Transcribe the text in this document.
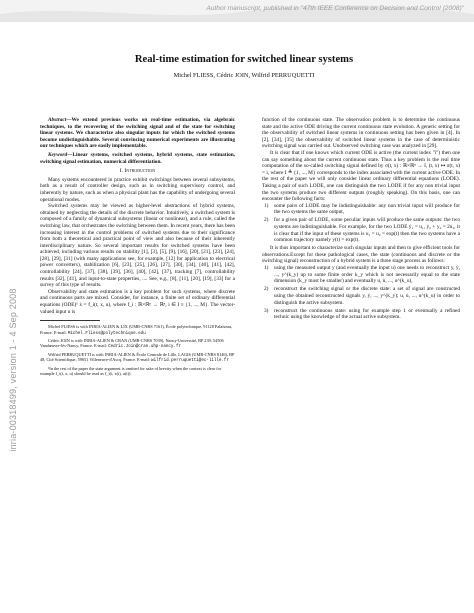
Author manuscript, published in "47th IEEE Conference on Decision and Control (2008)"
inria-00318499, version 1 - 4 Sep 2008
Real-time estimation for switched linear systems
Michel FLIESS, Cédric JOIN, Wilfrid PERRUQUETTI

Abstract—We extend previous works on real-time estimation, via algebraic techniques, to the recovering of the switching signal and of the state for switching linear systems. We characterize also singular inputs for which the switched systems become undistinguishable. Several convincing numerical experiments are illustrating our techniques which are easily implementable.

Keyword—Linear systems, switched systems, hybrid systems, state estimation, switching signal estimation, numerical differentiation.

I. Introduction

Many systems encountered in practice exhibit switchings between several subsystems, both as a result of controller design, such as in switching supervisory control, and inherently by nature, such as when a physical plant has the capability of undergoing several operational modes.

Switched systems may be viewed as higher-level abstractions of hybrid systems, obtained by neglecting the details of the discrete behavior. Intuitively, a switched system is composed of a family of dynamical subsystems (linear or nonlinear), and a rule, called the switching law, that orchestrates the switching between them. In recent years, there has been increasing interest in the control problems of switched systems due to their significance from both a theoretical and practical point of view and also because of their inherently interdisciplinary nature. So several important results for switched systems have been achieved, including various results on stability [1], [3], [5], [9], [16], [20], [21], [23], [24], [28], [29], [31] (with many applications see, for example, [12] for application to electrical power converters), stabilization [6], [23], [25], [26], [27], [30], [34], [40], [41], [42], controllability [24], [37], [38], [39], [36], [40], [42], [37], tracking [7], controllability results [32], [41], and input-to-state properties, .... See, e.g., [8], [11], [20], [19], [33] for a survey of this type of results.

Observability and state estimation is a key problem for such systems, where discrete and continuous parts are mixed. Consider, for instance, a finite set of ordinary differential equations (ODE)¹ ẋ = f_i(t, x, u), where f_i : ℝ×ℝⁿ → ℝⁿ, i ∈ I ≡ {1, ..., M}. The vector-valued input u is

Michel FLIESS is with INRIA-ALIEN & LIX (UMR-CNRS 7161), École polytechnique, 91128 Palaiseau, France. E-mail: Michel.Fliess@polytechnique.edu

Cédric JOIN is with INRIA-ALIEN & CRAN (UMR-CNRS 7039), Nancy-Université, BP 239, 54506 Vandœuvre-lès-Nancy, France. E-mail: Cedric.Join@cran.uhp-nancy.fr

Wilfrid PERRUQUETTI is with INRIA-ALIEN & École Centrale de Lille, LAGIS (UMR-CNRS 8146), BP 48, Cité Scientifique, 59651 Villeneuve-d'Ascq, France. E-mail: wilfrid.perruquetti@ec-lille.fr

¹In the rest of the paper the state argument is omitted for sake of brevity when the context is clear for example f_i(t, x, u) should be read as f_i(t, x(t), u(t)).

function of the continuous state. The observation problem is to determine the continuous state and the active ODE driving the current continuous state evolution. A generic setting for the observability of switched linear systems in continuous setting has been given in [4]. In [2], [34], [35] the observability of switched linear systems in the case of deterministic switching signal was carried out. Unobserved switching case was analyzed in [29].

It is clear that if one knows which current ODE is active (the current index "i") then one can say something about the current continuous state. Thus a key problem is the real time computation of the so-called switching signal defined by σ(t, x) : ℝ×ℝⁿ → I, (t, x) ↦ σ(t, x) = i, where I ≜ {1, ..., M} corresponds to the index associated with the current active ODE. In the rest of the paper we will only consider linear ordinary differential equations (LODE). Taking a pair of such LODE, one can distinguish the two LODE if for any non trivial input the two systems produce two different outputs (roughly speaking). On this basis, one can encounter the following facts:

1) some pairs of LODE may be indistinguishable: any non trivial input will produce for the two systems the same output,
2) for a given pair of LODE, some peculiar inputs will produce the same outputs: the two systems are indistinguishable. For example, for the two LODE ẏ₁ = u₁, ẏ₂ + y₂ = 2u₂, it is clear that if the input of these systems is u₁ = u₂ = exp(t) then the two systems have a common trajectory namely y(t) = exp(t).

It is thus important to characterize such singular inputs and then to give efficient tools for observations.Except for these pathological cases, the state (continuous and discrete or the switching signal) reconstruction of a hybrid system is a three stage process as follows:

1) using the measured output y (and eventually the input u) one needs to reconstruct y, ẏ, ..., y^(k_y) up to some finite order k_y which is not necessarily equal to the state dimension (k_y must be smaller) and eventually u, u̇, ..., u^(k_u),
2) reconstruct the switching signal or the discrete state: a set of signal are constructed using the obtained reconstructed signals y, ẏ, ..., y^(k_y); u, u̇, ..., u^(k_u) in order to distinguish the active subsystem.
3) reconstruct the continuous state: using for example step 1 or eventually a refined technic using the knowledge of the actual active subsystem.
